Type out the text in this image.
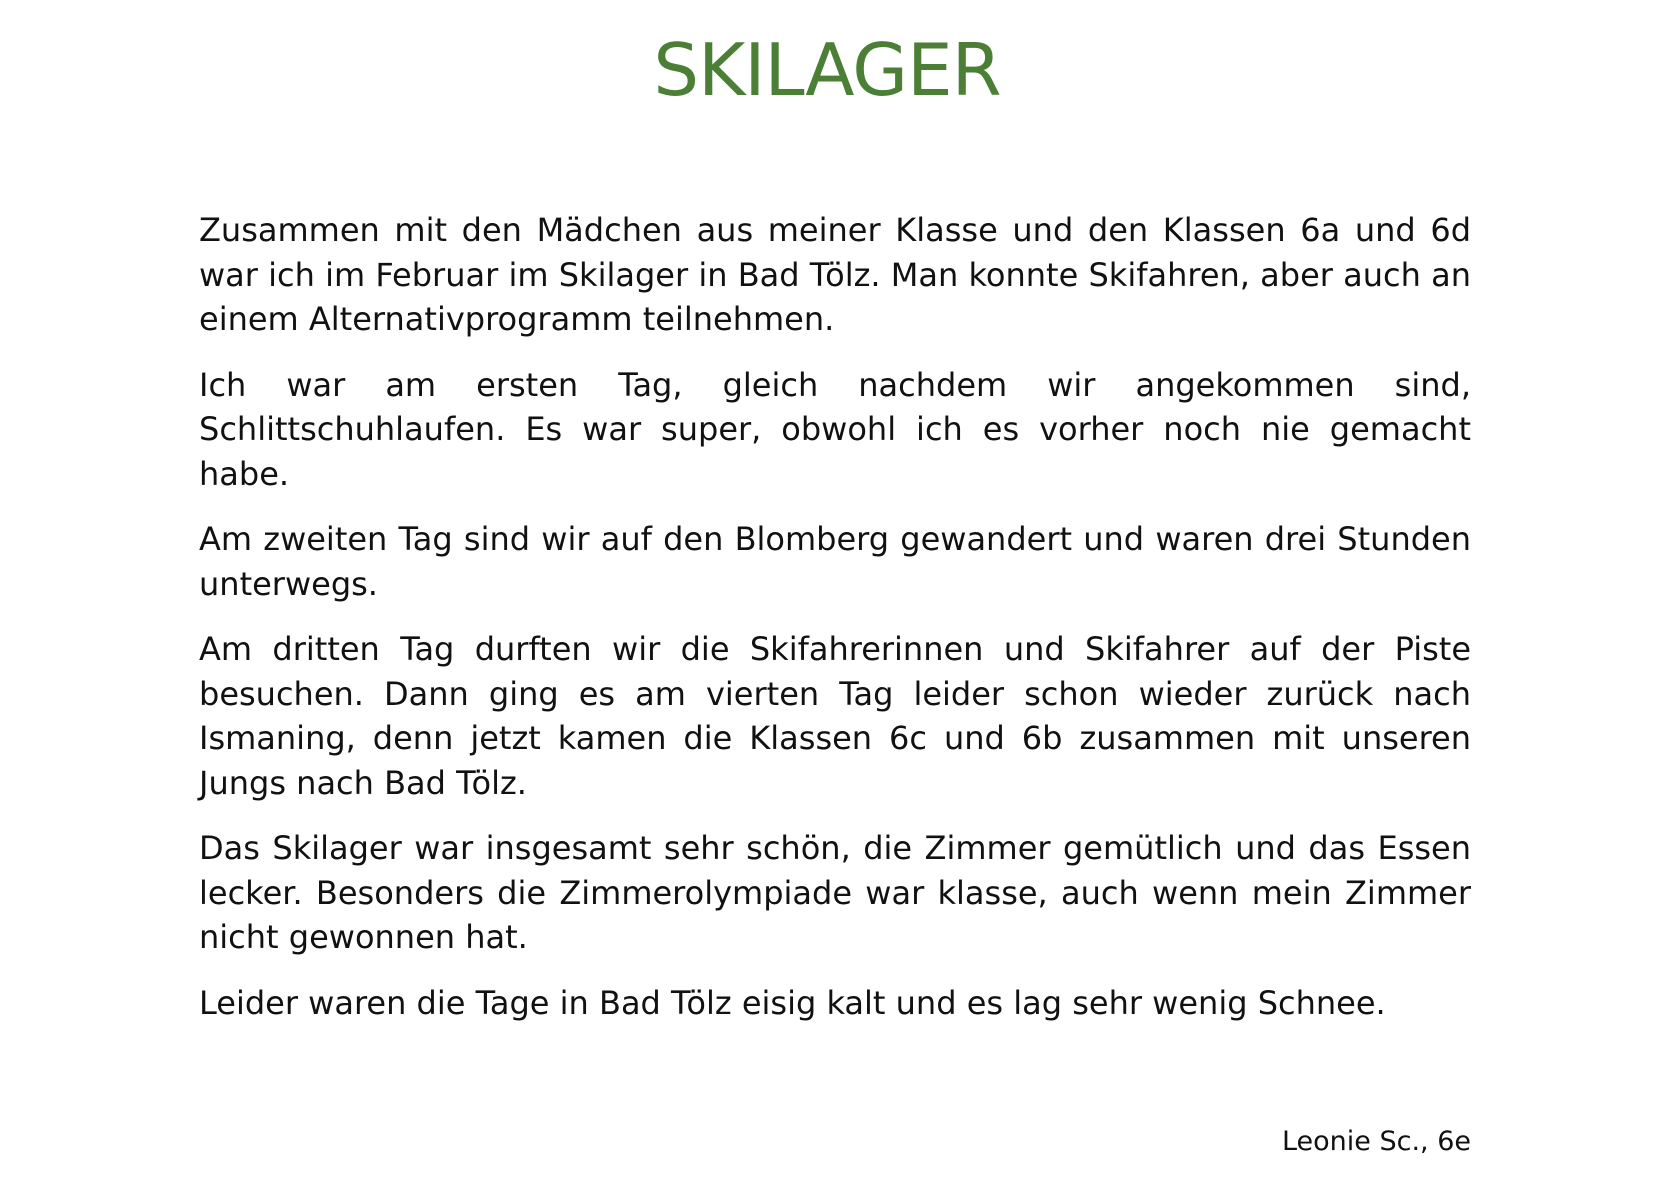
SKILAGER

Zusammen mit den Mädchen aus meiner Klasse und den Klassen 6a und 6d war ich im Februar im Skilager in Bad Tölz. Man konnte Skifahren, aber auch an einem Alternativprogramm teilnehmen.

Ich war am ersten Tag, gleich nachdem wir angekommen sind, Schlittschuhlaufen. Es war super, obwohl ich es vorher noch nie gemacht habe.

Am zweiten Tag sind wir auf den Blomberg gewandert und waren drei Stunden unterwegs.

Am dritten Tag durften wir die Skifahrerinnen und Skifahrer auf der Piste besuchen. Dann ging es am vierten Tag leider schon wieder zurück nach Ismaning, denn jetzt kamen die Klassen 6c und 6b zusammen mit unseren Jungs nach Bad Tölz.

Das Skilager war insgesamt sehr schön, die Zimmer gemütlich und das Essen lecker. Besonders die Zimmerolympiade war klasse, auch wenn mein Zimmer nicht gewonnen hat.

Leider waren die Tage in Bad Tölz eisig kalt und es lag sehr wenig Schnee.

Leonie Sc., 6e
